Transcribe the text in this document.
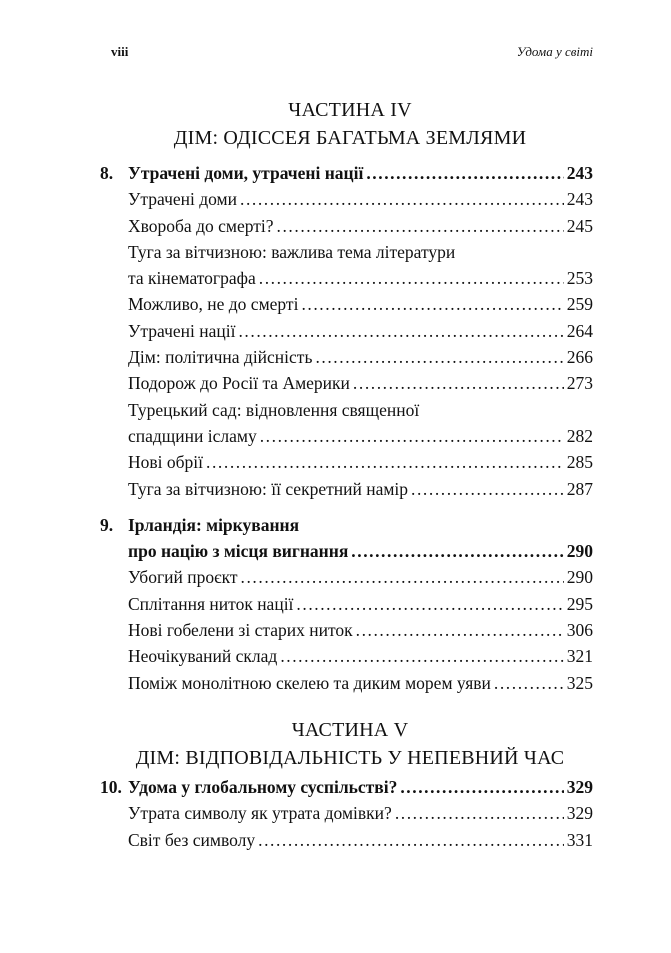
viii	Удома у світі
ЧАСТИНА IV
ДІМ: ОДІССЕЯ БАГАТЬМА ЗЕМЛЯМИ
8. Утрачені доми, утрачені нації . . .	243
Утрачені доми . . .	243
Хвороба до смерті? . . .	245
Туга за вітчизною: важлива тема літератури
та кінематографа . . .	253
Можливо, не до смерті . . .	259
Утрачені нації . . .	264
Дім: політична дійсність . . .	266
Подорож до Росії та Америки . . .	273
Турецький сад: відновлення священної
спадщини ісламу . . .	282
Нові обрії . . .	285
Туга за вітчизною: її секретний намір . . .	287
9. Ірландія: міркування
про націю з місця вигнання . . .	290
Убогий проєкт . . .	290
Сплітання ниток нації . . .	295
Нові гобелени зі старих ниток . . .	306
Неочікуваний склад . . .	321
Поміж монолітною скелею та диким морем уяви . . .	325
ЧАСТИНА V
ДІМ: ВІДПОВІДАЛЬНІСТЬ У НЕПЕВНИЙ ЧАС
10. Удома у глобальному суспільстві? . . .	329
Утрата символу як утрата домівки? . . .	329
Світ без символу . . .	331
